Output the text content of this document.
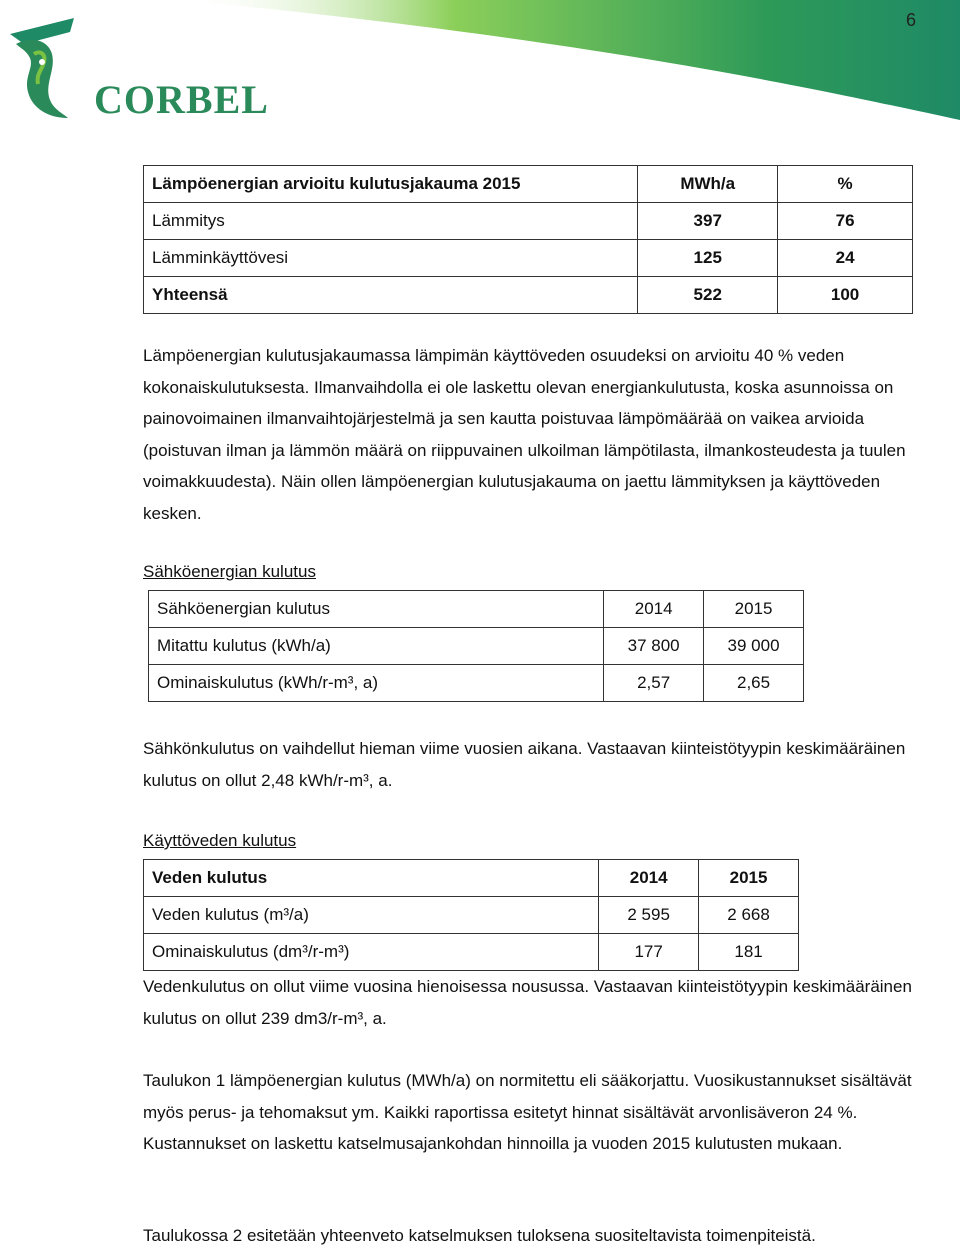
6
CORBEL
Lämpöenergian arvioitu kulutusjakauma 2015	MWh/a	%
Lämmitys	397	76
Lämminkäyttövesi	125	24
Yhteensä	522	100

Lämpöenergian kulutusjakaumassa lämpimän käyttöveden osuudeksi on arvioitu 40 % veden kokonaiskulutuksesta. Ilmanvaihdolla ei ole laskettu olevan energiankulutusta, koska asunnoissa on painovoimainen ilmanvaihtojärjestelmä ja sen kautta poistuvaa lämpömäärää on vaikea arvioida (poistuvan ilman ja lämmön määrä on riippuvainen ulkoilman lämpötilasta, ilmankosteudesta ja tuulen voimakkuudesta). Näin ollen lämpöenergian kulutusjakauma on jaettu lämmityksen ja käyttöveden kesken.

Sähköenergian kulutus

Sähköenergian kulutus	2014	2015
Mitattu kulutus (kWh/a)	37 800	39 000
Ominaiskulutus (kWh/r-m³, a)	2,57	2,65

Sähkönkulutus on vaihdellut hieman viime vuosien aikana. Vastaavan kiinteistötyypin keskimääräinen kulutus on ollut 2,48 kWh/r-m³, a.

Käyttöveden kulutus

Veden kulutus	2014	2015
Veden kulutus (m³/a)	2 595	2 668
Ominaiskulutus (dm³/r-m³)	177	181

Vedenkulutus on ollut viime vuosina hienoisessa nousussa. Vastaavan kiinteistötyypin keskimääräinen kulutus on ollut 239 dm3/r-m³, a.

Taulukon 1 lämpöenergian kulutus (MWh/a) on normitettu eli sääkorjattu. Vuosikustannukset sisältävät myös perus- ja tehomaksut ym. Kaikki raportissa esitetyt hinnat sisältävät arvonlisäveron 24 %. Kustannukset on laskettu katselmusajankohdan hinnoilla ja vuoden 2015 kulutusten mukaan.

Taulukossa 2 esitetään yhteenveto katselmuksen tuloksena suositeltavista toimenpiteistä.
